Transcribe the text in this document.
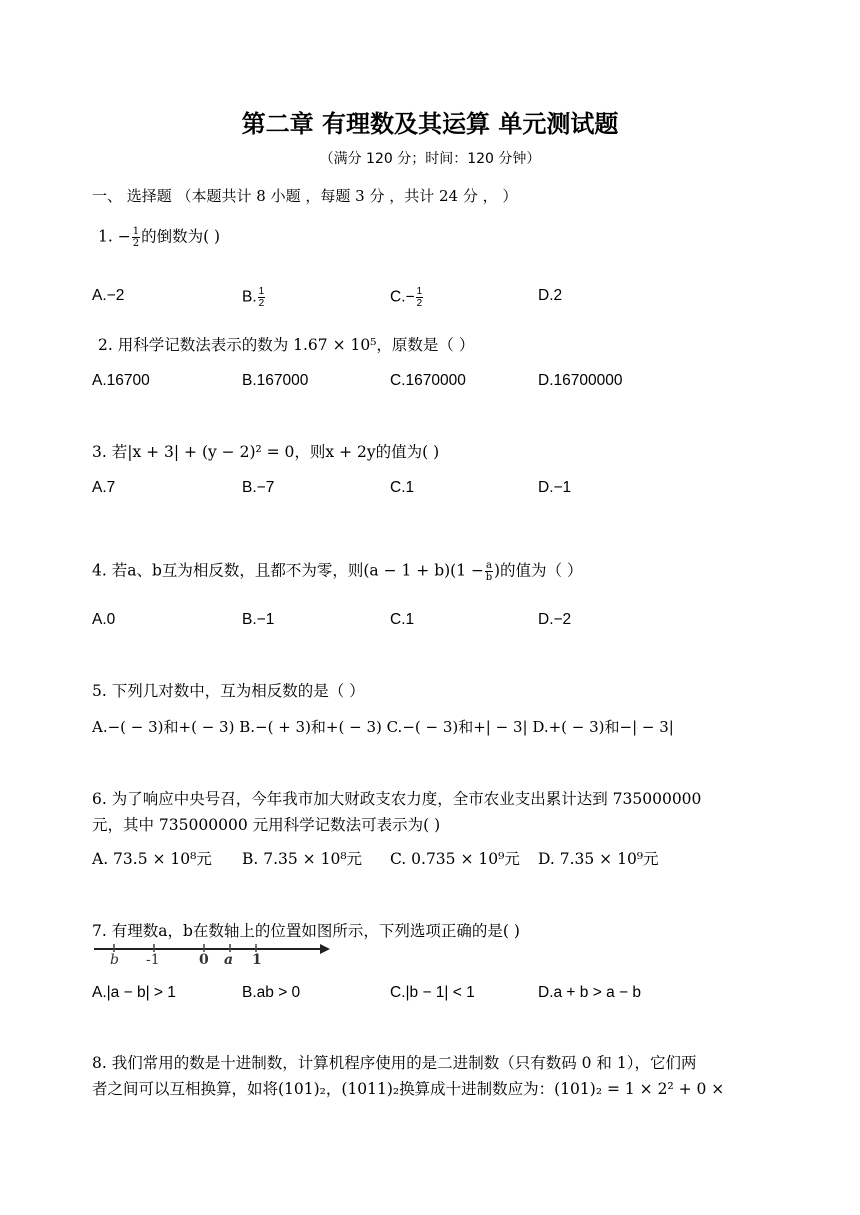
第二章 有理数及其运算 单元测试题
（满分 120 分；时间：120 分钟）
一、 选择题 （本题共计 8 小题 ，每题 3 分 ，共计 24 分 ， ）
1. − $\frac{1}{2}$ 的倒数为( )
A.−2	B. $\frac{1}{2}$	$C.- \frac{1}{2}$	D.2
2. 用科学记数法表示的数为 1.67 × 10⁵，原数是（ ）
A.16700	B.167000	C.1670000	D.16700000
3. 若|x + 3| + (y − 2)² = 0，则x + 2y的值为( )
A.7	B.−7	C.1	D.−1
4. 若a、b互为相反数，且都不为零，则$(a - 1 + b)(1 - \frac{a}{b}$ )的值为（ ）
A.0	B.−1	C.1	D.−2
5. 下列几对数中，互为相反数的是（ ）
A.−( − 3)和+( − 3) B.−( + 3)和+( − 3) C.−( − 3)和+| − 3| D.+( − 3)和−| − 3|
6. 为了响应中央号召，今年我市加大财政支农力度，全市农业支出累计达到 735000000
元，其中 735000000 元用科学记数法可表示为( )
A. 73.5 × 10⁸元 B. 7.35 × 10⁸元 C. 0.735 × 10⁹元 D. 7.35 × 10⁹元
7. 有理数a，b在数轴上的位置如图所示，下列选项正确的是( )
b -1	0 a 1
A.|a − b| > 1	B.ab > 0	C.|b − 1| < 1	D.a + b > a − b
8. 我们常用的数是十进制数，计算机程序使用的是二进制数（只有数码 0 和 1），它们两
者之间可以互相换算，如将(101)₂，(1011)₂换算成十进制数应为：(101)₂ = 1 × 2² + 0 ×
